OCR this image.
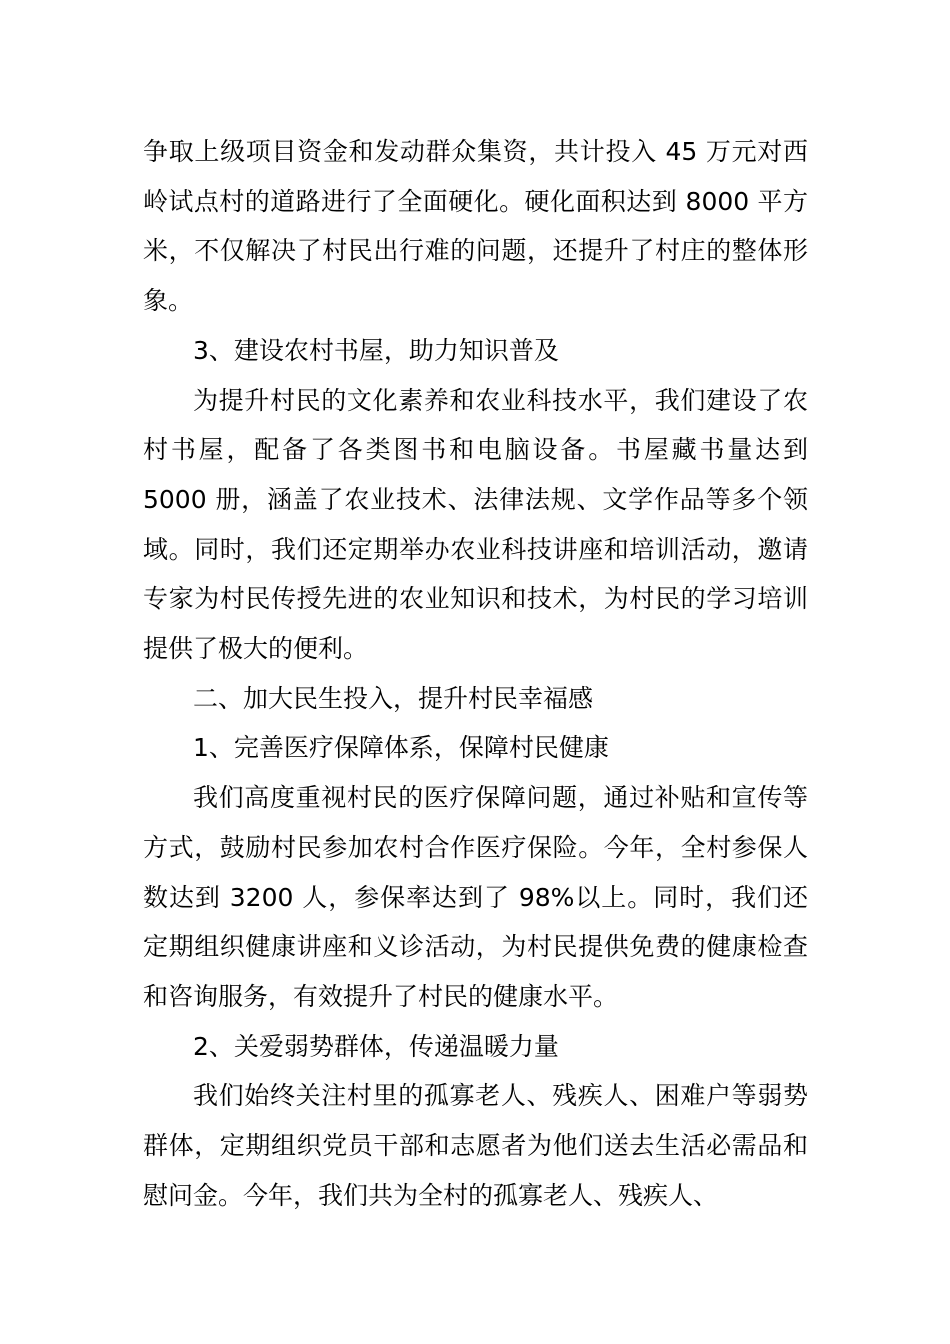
争取上级项目资金和发动群众集资，共计投入 45 万元对西岭试点村的道路进行了全面硬化。硬化面积达到 8000 平方米，不仅解决了村民出行难的问题，还提升了村庄的整体形象。

3、建设农村书屋，助力知识普及

为提升村民的文化素养和农业科技水平，我们建设了农村书屋，配备了各类图书和电脑设备。书屋藏书量达到 5000 册，涵盖了农业技术、法律法规、文学作品等多个领域。同时，我们还定期举办农业科技讲座和培训活动，邀请专家为村民传授先进的农业知识和技术，为村民的学习培训提供了极大的便利。

二、加大民生投入，提升村民幸福感

1、完善医疗保障体系，保障村民健康

我们高度重视村民的医疗保障问题，通过补贴和宣传等方式，鼓励村民参加农村合作医疗保险。今年，全村参保人数达到 3200 人，参保率达到了 98%以上。同时，我们还定期组织健康讲座和义诊活动，为村民提供免费的健康检查和咨询服务，有效提升了村民的健康水平。

2、关爱弱势群体，传递温暖力量

我们始终关注村里的孤寡老人、残疾人、困难户等弱势群体，定期组织党员干部和志愿者为他们送去生活必需品和慰问金。今年，我们共为全村的孤寡老人、残疾人、
